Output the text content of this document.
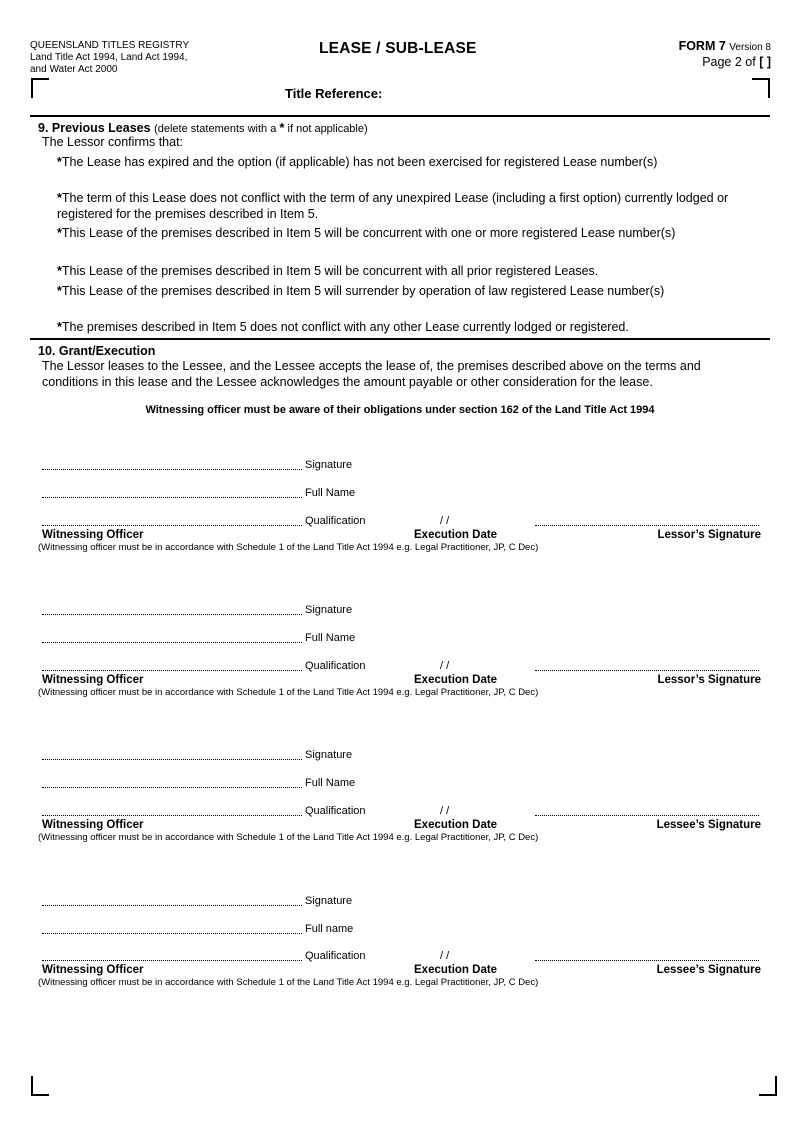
QUEENSLAND TITLES REGISTRY
Land Title Act 1994, Land Act 1994,
and Water Act 2000
LEASE / SUB-LEASE	FORM 7 Version 8
Page 2 of [ ]
Title Reference:
9. Previous Leases (delete statements with a * if not applicable)
The Lessor confirms that:
*The Lease has expired and the option (if applicable) has not been exercised for registered Lease number(s)
*The term of this Lease does not conflict with the term of any unexpired Lease (including a first option) currently lodged or registered for the premises described in Item 5.
*This Lease of the premises described in Item 5 will be concurrent with one or more registered Lease number(s)
*This Lease of the premises described in Item 5 will be concurrent with all prior registered Leases.
*This Lease of the premises described in Item 5 will surrender by operation of law registered Lease number(s)
*The premises described in Item 5 does not conflict with any other Lease currently lodged or registered.
10. Grant/Execution
The Lessor leases to the Lessee, and the Lessee accepts the lease of, the premises described above on the terms and
conditions in this lease and the Lessee acknowledges the amount payable or other consideration for the lease.
Witnessing officer must be aware of their obligations under section 162 of the Land Title Act 1994
Signature
Full Name
Qualification	/ /
Witnessing Officer	Execution Date	Lessor’s Signature
(Witnessing officer must be in accordance with Schedule 1 of the Land Title Act 1994 e.g. Legal Practitioner, JP, C Dec)
Signature
Full Name
Qualification	/ /
Witnessing Officer	Execution Date	Lessor’s Signature
(Witnessing officer must be in accordance with Schedule 1 of the Land Title Act 1994 e.g. Legal Practitioner, JP, C Dec)
Signature
Full Name
Qualification	/ /
Witnessing Officer	Execution Date	Lessee’s Signature
(Witnessing officer must be in accordance with Schedule 1 of the Land Title Act 1994 e.g. Legal Practitioner, JP, C Dec)
Signature
Full name
Qualification	/ /
Witnessing Officer	Execution Date	Lessee’s Signature
(Witnessing officer must be in accordance with Schedule 1 of the Land Title Act 1994 e.g. Legal Practitioner, JP, C Dec)
